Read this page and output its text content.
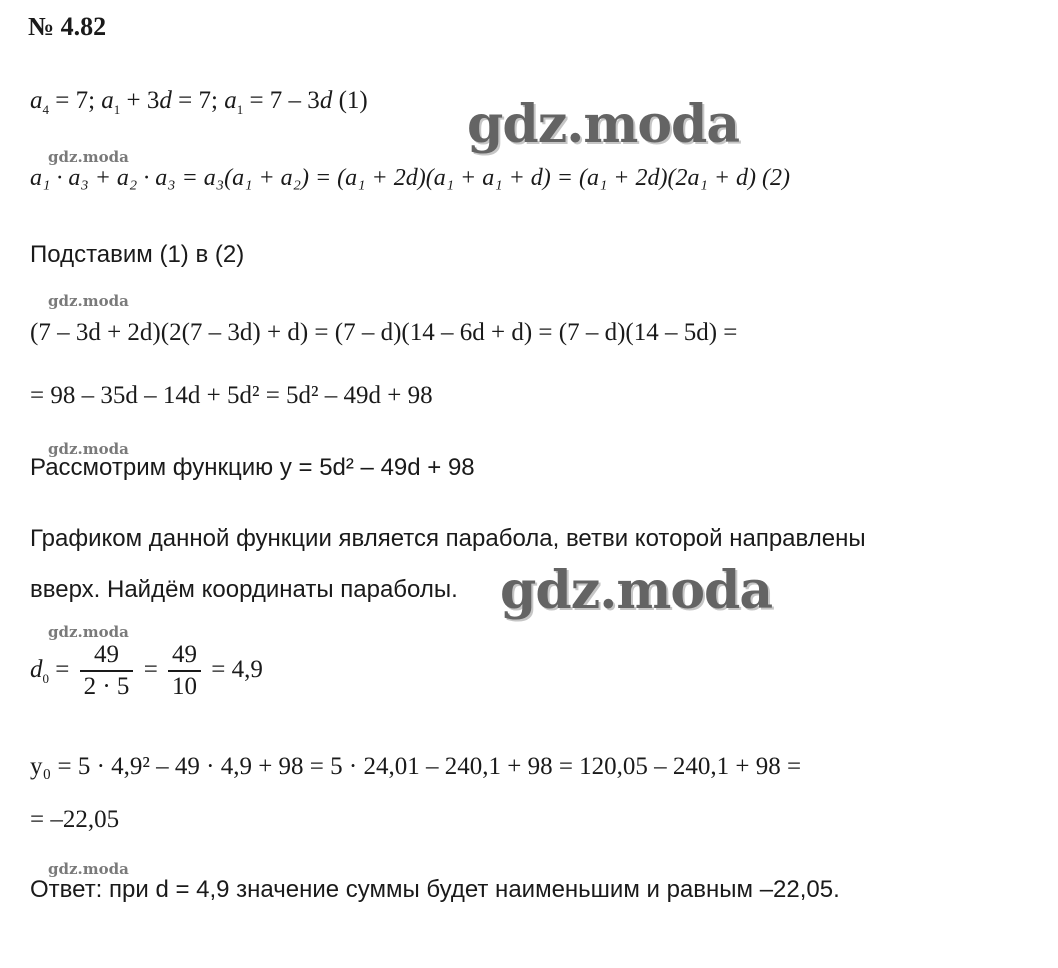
№ 4.82
$a_4 = 7$; $a_1 + 3d = 7$; $a_1 = 7 - 3d$ (1)
a₁ · a₃ + a₂ · a₃ = a₃(a₁ + a₂) = (a₁ + 2d)(a₁ + a₁ + d) = (a₁ + 2d)(2a₁ + d) (2)
Подставим (1) в (2)
(7 – 3d + 2d)(2(7 – 3d) + d) = (7 – d)(14 – 6d + d) = (7 – d)(14 – 5d) =
= 98 – 35d – 14d + 5d² = 5d² – 49d + 98
Рассмотрим функцию у = 5d² – 49d + 98
Графиком данной функции является парабола, ветви которой направлены
вверх. Найдём координаты параболы.
$d_0 = \frac{49}{2 \cdot 5} = \frac{49}{10} = 4,9$
y₀ = 5 · 4,9² – 49 · 4,9 + 98 = 5 · 24,01 – 240,1 + 98 = 120,05 – 240,1 + 98 =
= –22,05
Ответ: при d = 4,9 значение суммы будет наименьшим и равным –22,05.
gdz.moda
gdz.moda
gdz.moda
gdz.moda
gdz.moda
gdz.moda
gdz.moda
